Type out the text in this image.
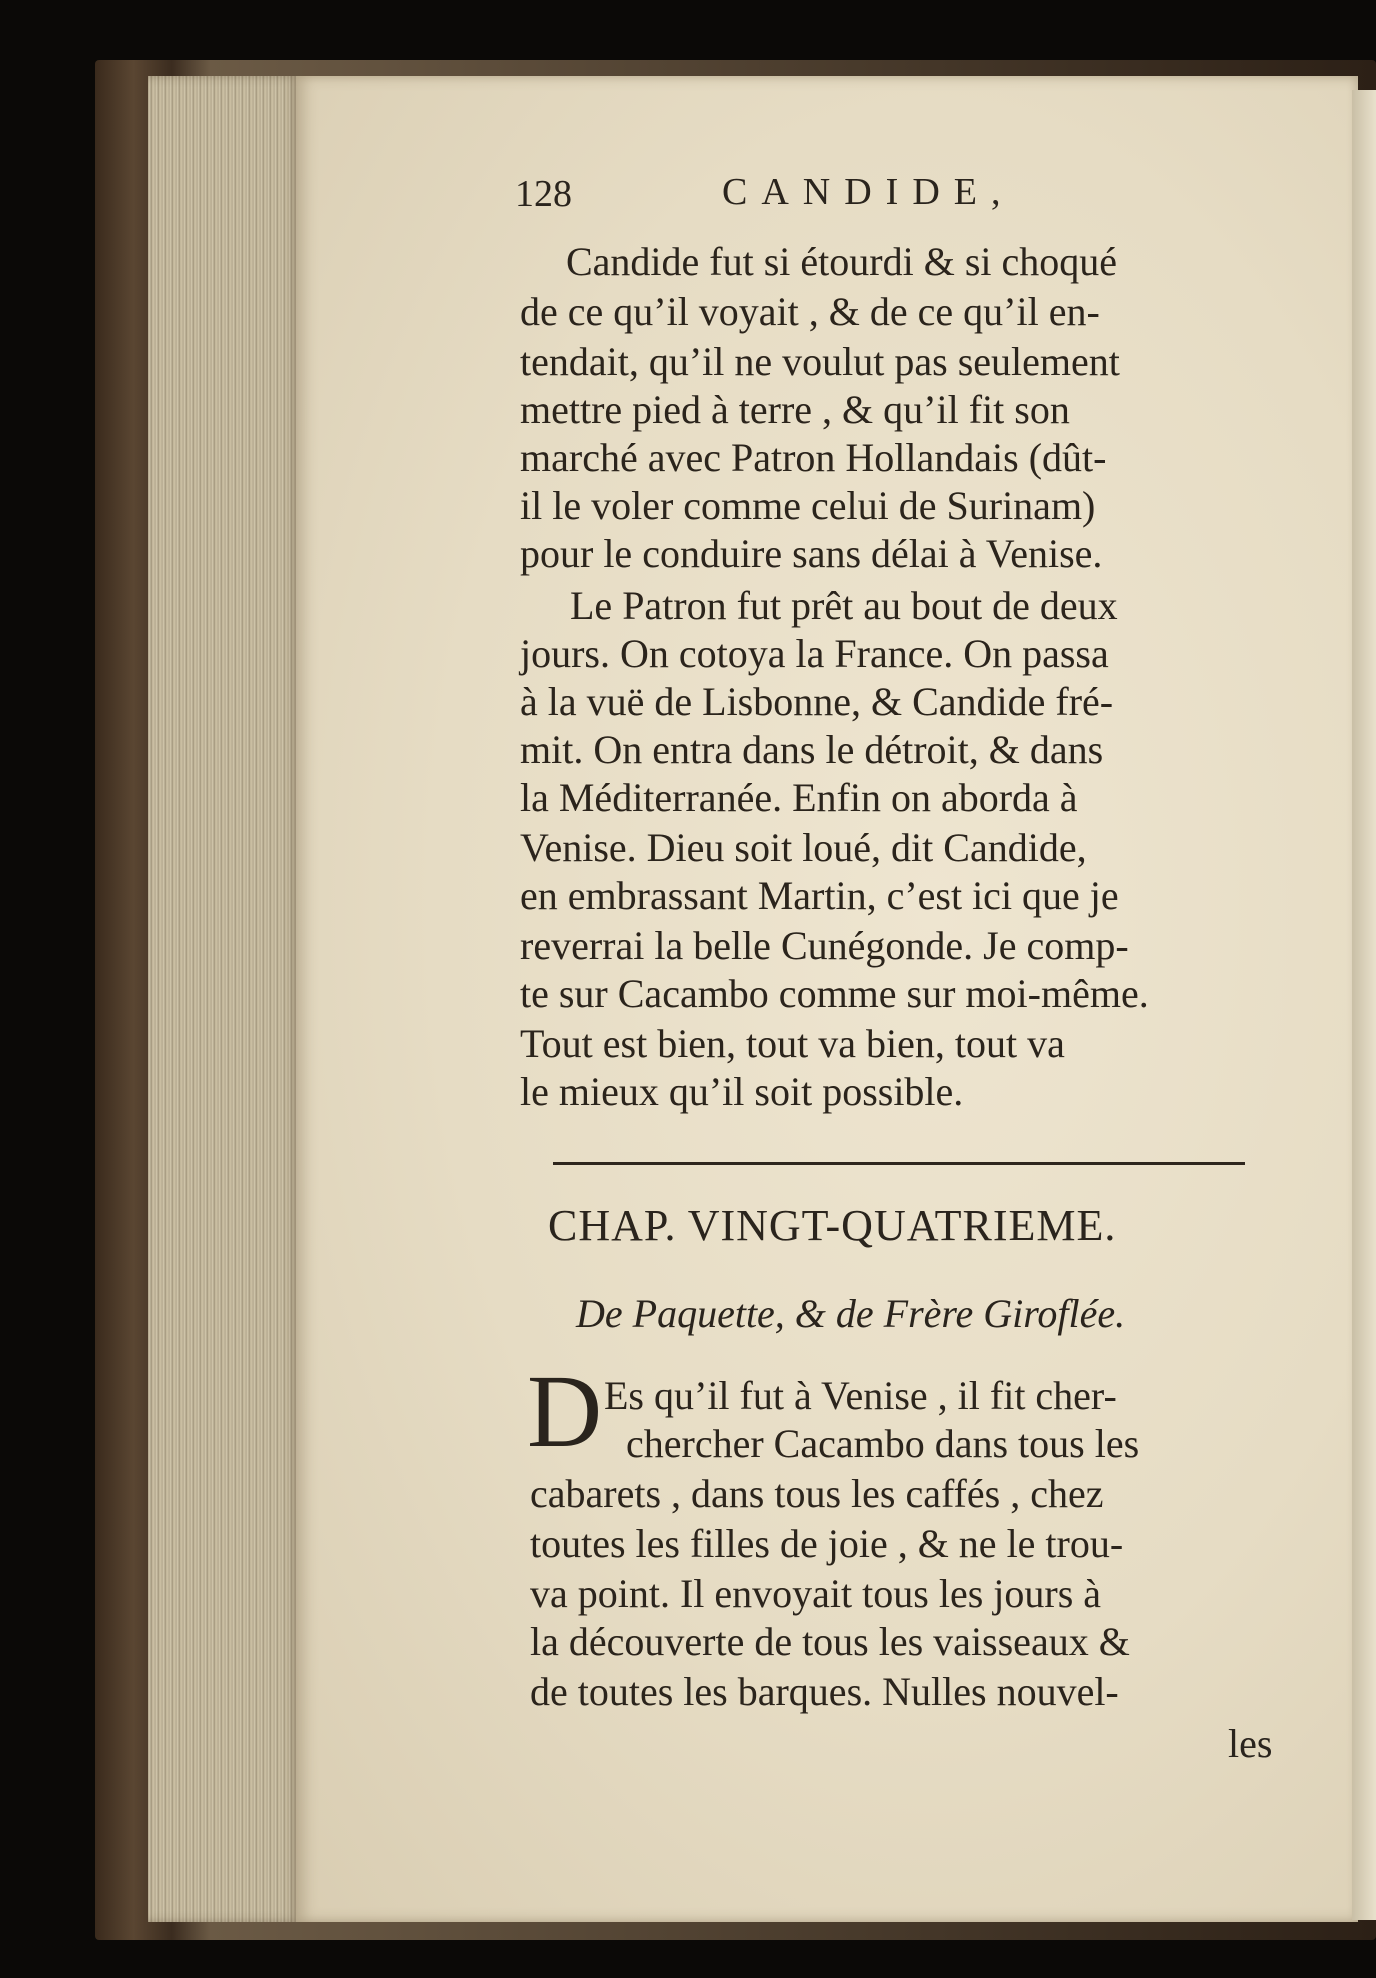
128	CANDIDE,
Candide fut si étourdi & si choqué
de ce qu’il voyait , & de ce qu’il en-
tendait, qu’il ne voulut pas seulement
mettre pied à terre , & qu’il fit son
marché avec Patron Hollandais (dût-
il le voler comme celui de Surinam)
pour le conduire sans délai à Venise.
Le Patron fut prêt au bout de deux
jours. On cotoya la France. On passa
à la vuë de Lisbonne, & Candide fré-
mit. On entra dans le détroit, & dans
la Méditerranée. Enfin on aborda à
Venise. Dieu soit loué, dit Candide,
en embrassant Martin, c’est ici que je
reverrai la belle Cunégonde. Je comp-
te sur Cacambo comme sur moi-même.
Tout est bien, tout va bien, tout va
le mieux qu’il soit possible.
CHAP. VINGT-QUATRIEME.
De Paquette, & de Frère Giroflée.
D Es qu’il fut à Venise , il fit cher-
chercher Cacambo dans tous les
cabarets , dans tous les caffés , chez
toutes les filles de joie , & ne le trou-
va point. Il envoyait tous les jours à
la découverte de tous les vaisseaux &
de toutes les barques. Nulles nouvel-
les
